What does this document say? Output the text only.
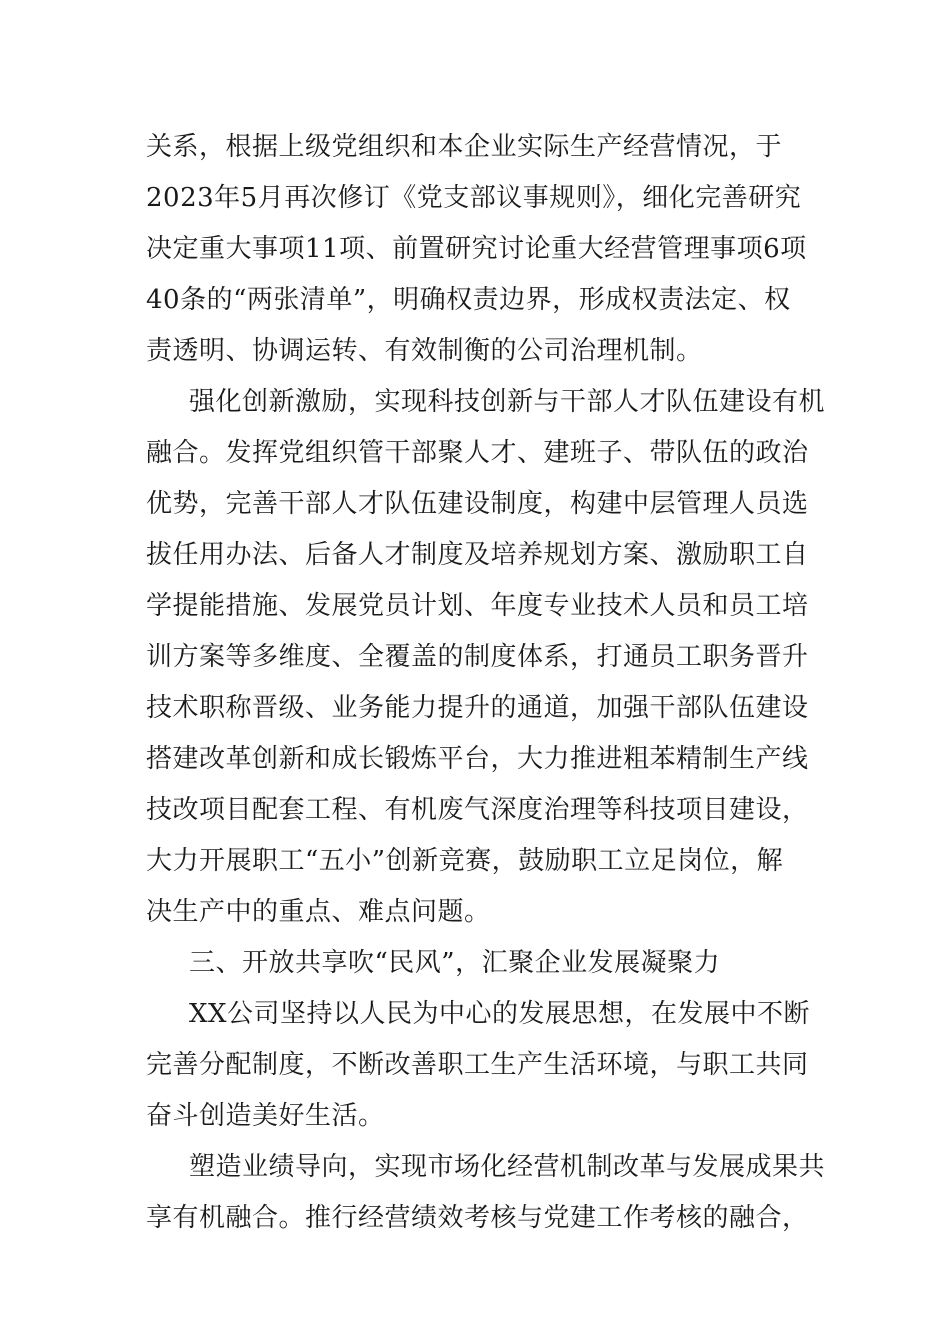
关系，根据上级党组织和本企业实际生产经营情况，于
2023年5月再次修订《党支部议事规则》，细化完善研究
决定重大事项11项、前置研究讨论重大经营管理事项6项
40条的“两张清单”，明确权责边界，形成权责法定、权
责透明、协调运转、有效制衡的公司治理机制。
强化创新激励，实现科技创新与干部人才队伍建设有机
融合。发挥党组织管干部聚人才、建班子、带队伍的政治
优势，完善干部人才队伍建设制度，构建中层管理人员选
拔任用办法、后备人才制度及培养规划方案、激励职工自
学提能措施、发展党员计划、年度专业技术人员和员工培
训方案等多维度、全覆盖的制度体系，打通员工职务晋升
技术职称晋级、业务能力提升的通道，加强干部队伍建设
搭建改革创新和成长锻炼平台，大力推进粗苯精制生产线
技改项目配套工程、有机废气深度治理等科技项目建设，
大力开展职工“五小”创新竞赛，鼓励职工立足岗位，解
决生产中的重点、难点问题。
三、开放共享吹“民风”，汇聚企业发展凝聚力
XX公司坚持以人民为中心的发展思想，在发展中不断
完善分配制度，不断改善职工生产生活环境，与职工共同
奋斗创造美好生活。
塑造业绩导向，实现市场化经营机制改革与发展成果共
享有机融合。推行经营绩效考核与党建工作考核的融合，
